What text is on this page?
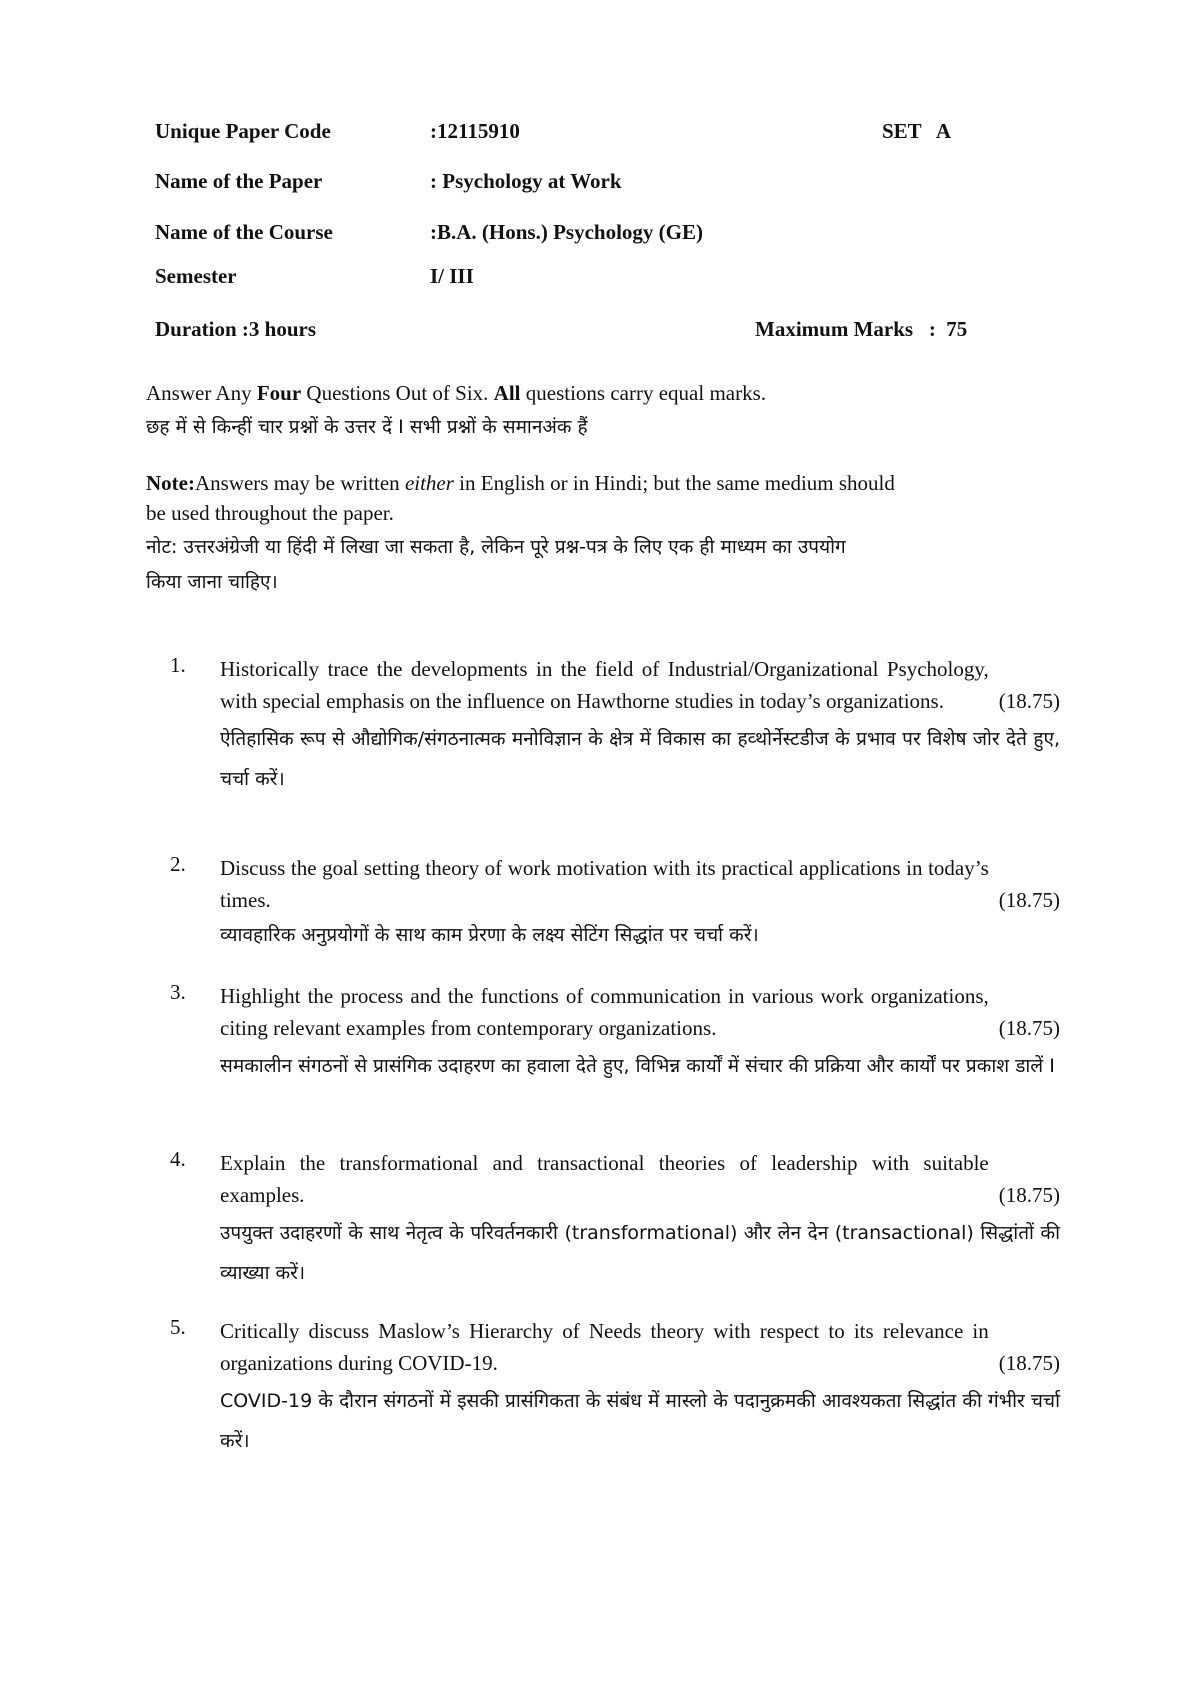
Unique Paper Code	:12115910	SET   A
Name of the Paper	: Psychology at Work
Name of the Course	:B.A. (Hons.) Psychology (GE)
Semester	I/ III
Duration :3 hours	Maximum Marks   :  75
Answer Any Four Questions Out of Six. All questions carry equal marks.
छह में से किन्हीं चार प्रश्नों के उत्तर दें I सभी प्रश्नों के समानअंक हैं
Note:Answers may be written either in English or in Hindi; but the same medium should
be used throughout the paper.
नोट: उत्तरअंग्रेजी या हिंदी में लिखा जा सकता है, लेकिन पूरे प्रश्न-पत्र के लिए एक ही माध्यम का उपयोग
किया जाना चाहिए।
1.
(18.75)
Historically trace the developments in the field of Industrial/Organizational Psychology, with special emphasis on the influence on Hawthorne studies in today’s organizations.
ऐतिहासिक रूप से औद्योगिक/संगठनात्मक मनोविज्ञान के क्षेत्र में विकास का हव्थोर्नेस्टडीज के प्रभाव पर विशेष जोर देते हुए, चर्चा करें।
2.
(18.75)
Discuss the goal setting theory of work motivation with its practical applications in today’s times.
व्यावहारिक अनुप्रयोगों के साथ काम प्रेरणा के लक्ष्य सेटिंग सिद्धांत पर चर्चा करें।
3.
(18.75)
Highlight the process and the functions of communication in various work organizations, citing relevant examples from contemporary organizations.
समकालीन संगठनों से प्रासंगिक उदाहरण का हवाला देते हुए, विभिन्न कार्यों में संचार की प्रक्रिया और कार्यों पर प्रकाश डालें I
4.
(18.75)
Explain the transformational and transactional theories of leadership with suitable examples.
उपयुक्त उदाहरणों के साथ नेतृत्व के परिवर्तनकारी (transformational) और लेन देन (transactional) सिद्धांतों की व्याख्या करें।
5.
(18.75)
Critically discuss Maslow’s Hierarchy of Needs theory with respect to its relevance in organizations during COVID-19.
COVID-19 के दौरान संगठनों में इसकी प्रासंगिकता के संबंध में मास्लो के पदानुक्रमकी आवश्यकता सिद्धांत की गंभीर चर्चा करें।
